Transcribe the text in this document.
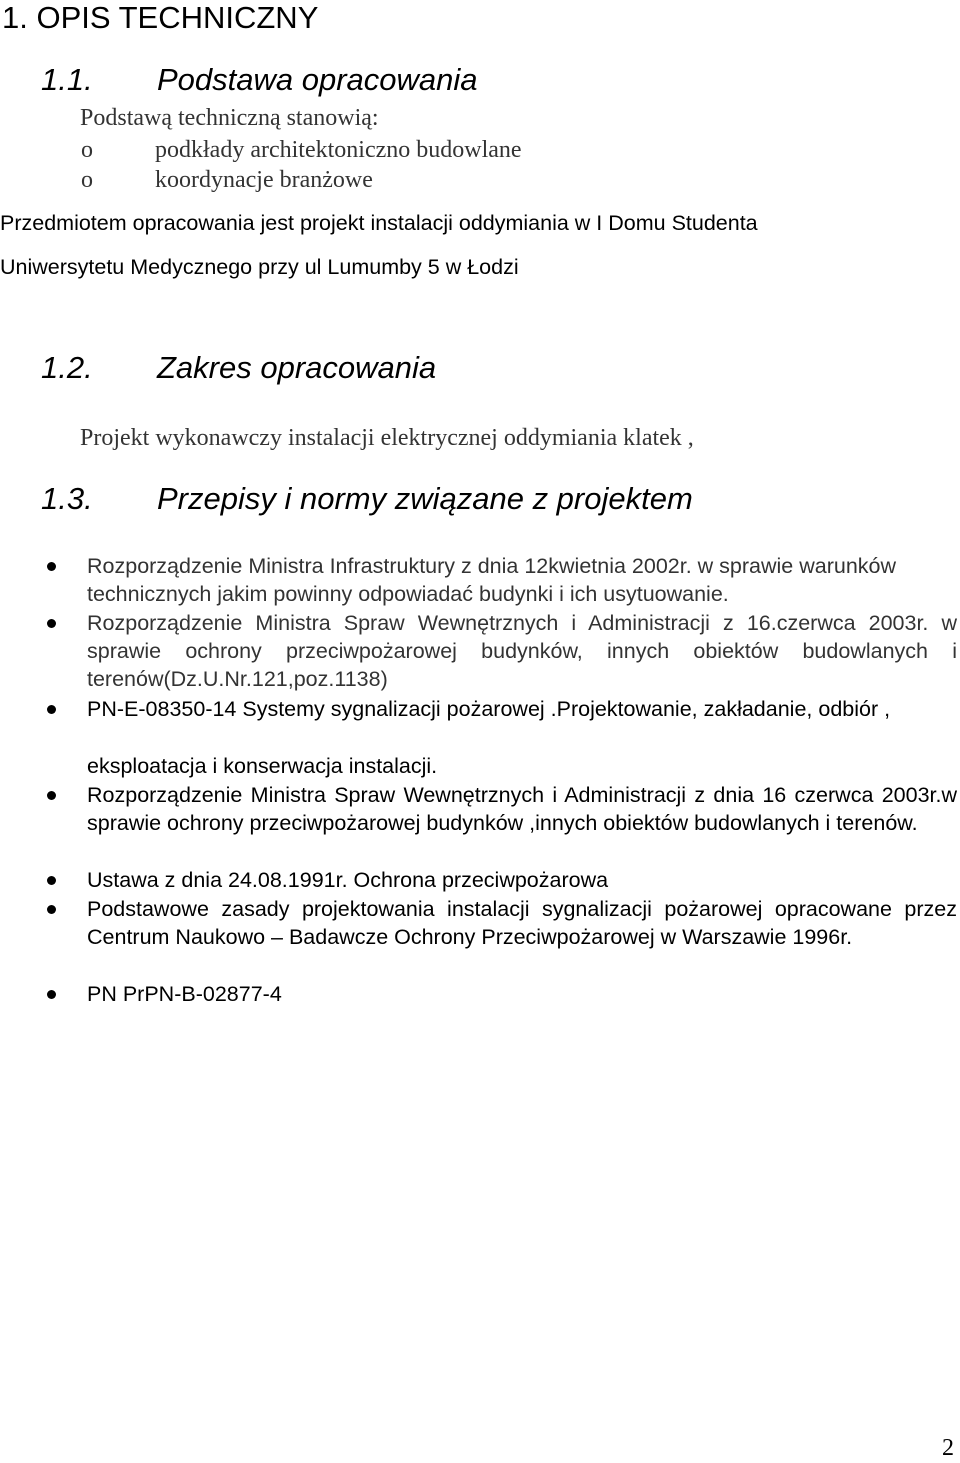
1. OPIS TECHNICZNY
1.1. Podstawa opracowania
Podstawą techniczną stanowią:
o	podkłady architektoniczno budowlane
o	koordynacje branżowe
Przedmiotem opracowania jest projekt instalacji oddymiania w I Domu Studenta
Uniwersytetu Medycznego przy ul Lumumby 5 w Łodzi
1.2. Zakres opracowania
Projekt wykonawczy instalacji elektrycznej oddymiania klatek ,
1.3. Przepisy i normy związane z projektem
Rozporządzenie Ministra Infrastruktury z dnia 12kwietnia 2002r. w sprawie warunków technicznych jakim powinny odpowiadać budynki i ich usytuowanie.
Rozporządzenie Ministra Spraw Wewnętrznych i Administracji z 16.czerwca 2003r. w sprawie ochrony przeciwpożarowej budynków, innych obiektów budowlanych i terenów(Dz.U.Nr.121,poz.1138)
PN-E-08350-14 Systemy sygnalizacji pożarowej .Projektowanie, zakładanie, odbiór ,
eksploatacja i konserwacja instalacji.
Rozporządzenie Ministra Spraw Wewnętrznych i Administracji z dnia 16 czerwca 2003r.w sprawie ochrony przeciwpożarowej budynków ,innych obiektów budowlanych i terenów.
Ustawa z dnia 24.08.1991r. Ochrona przeciwpożarowa
Podstawowe zasady projektowania instalacji sygnalizacji pożarowej opracowane przez Centrum Naukowo – Badawcze Ochrony Przeciwpożarowej w Warszawie 1996r.
PN PrPN-B-02877-4
2
